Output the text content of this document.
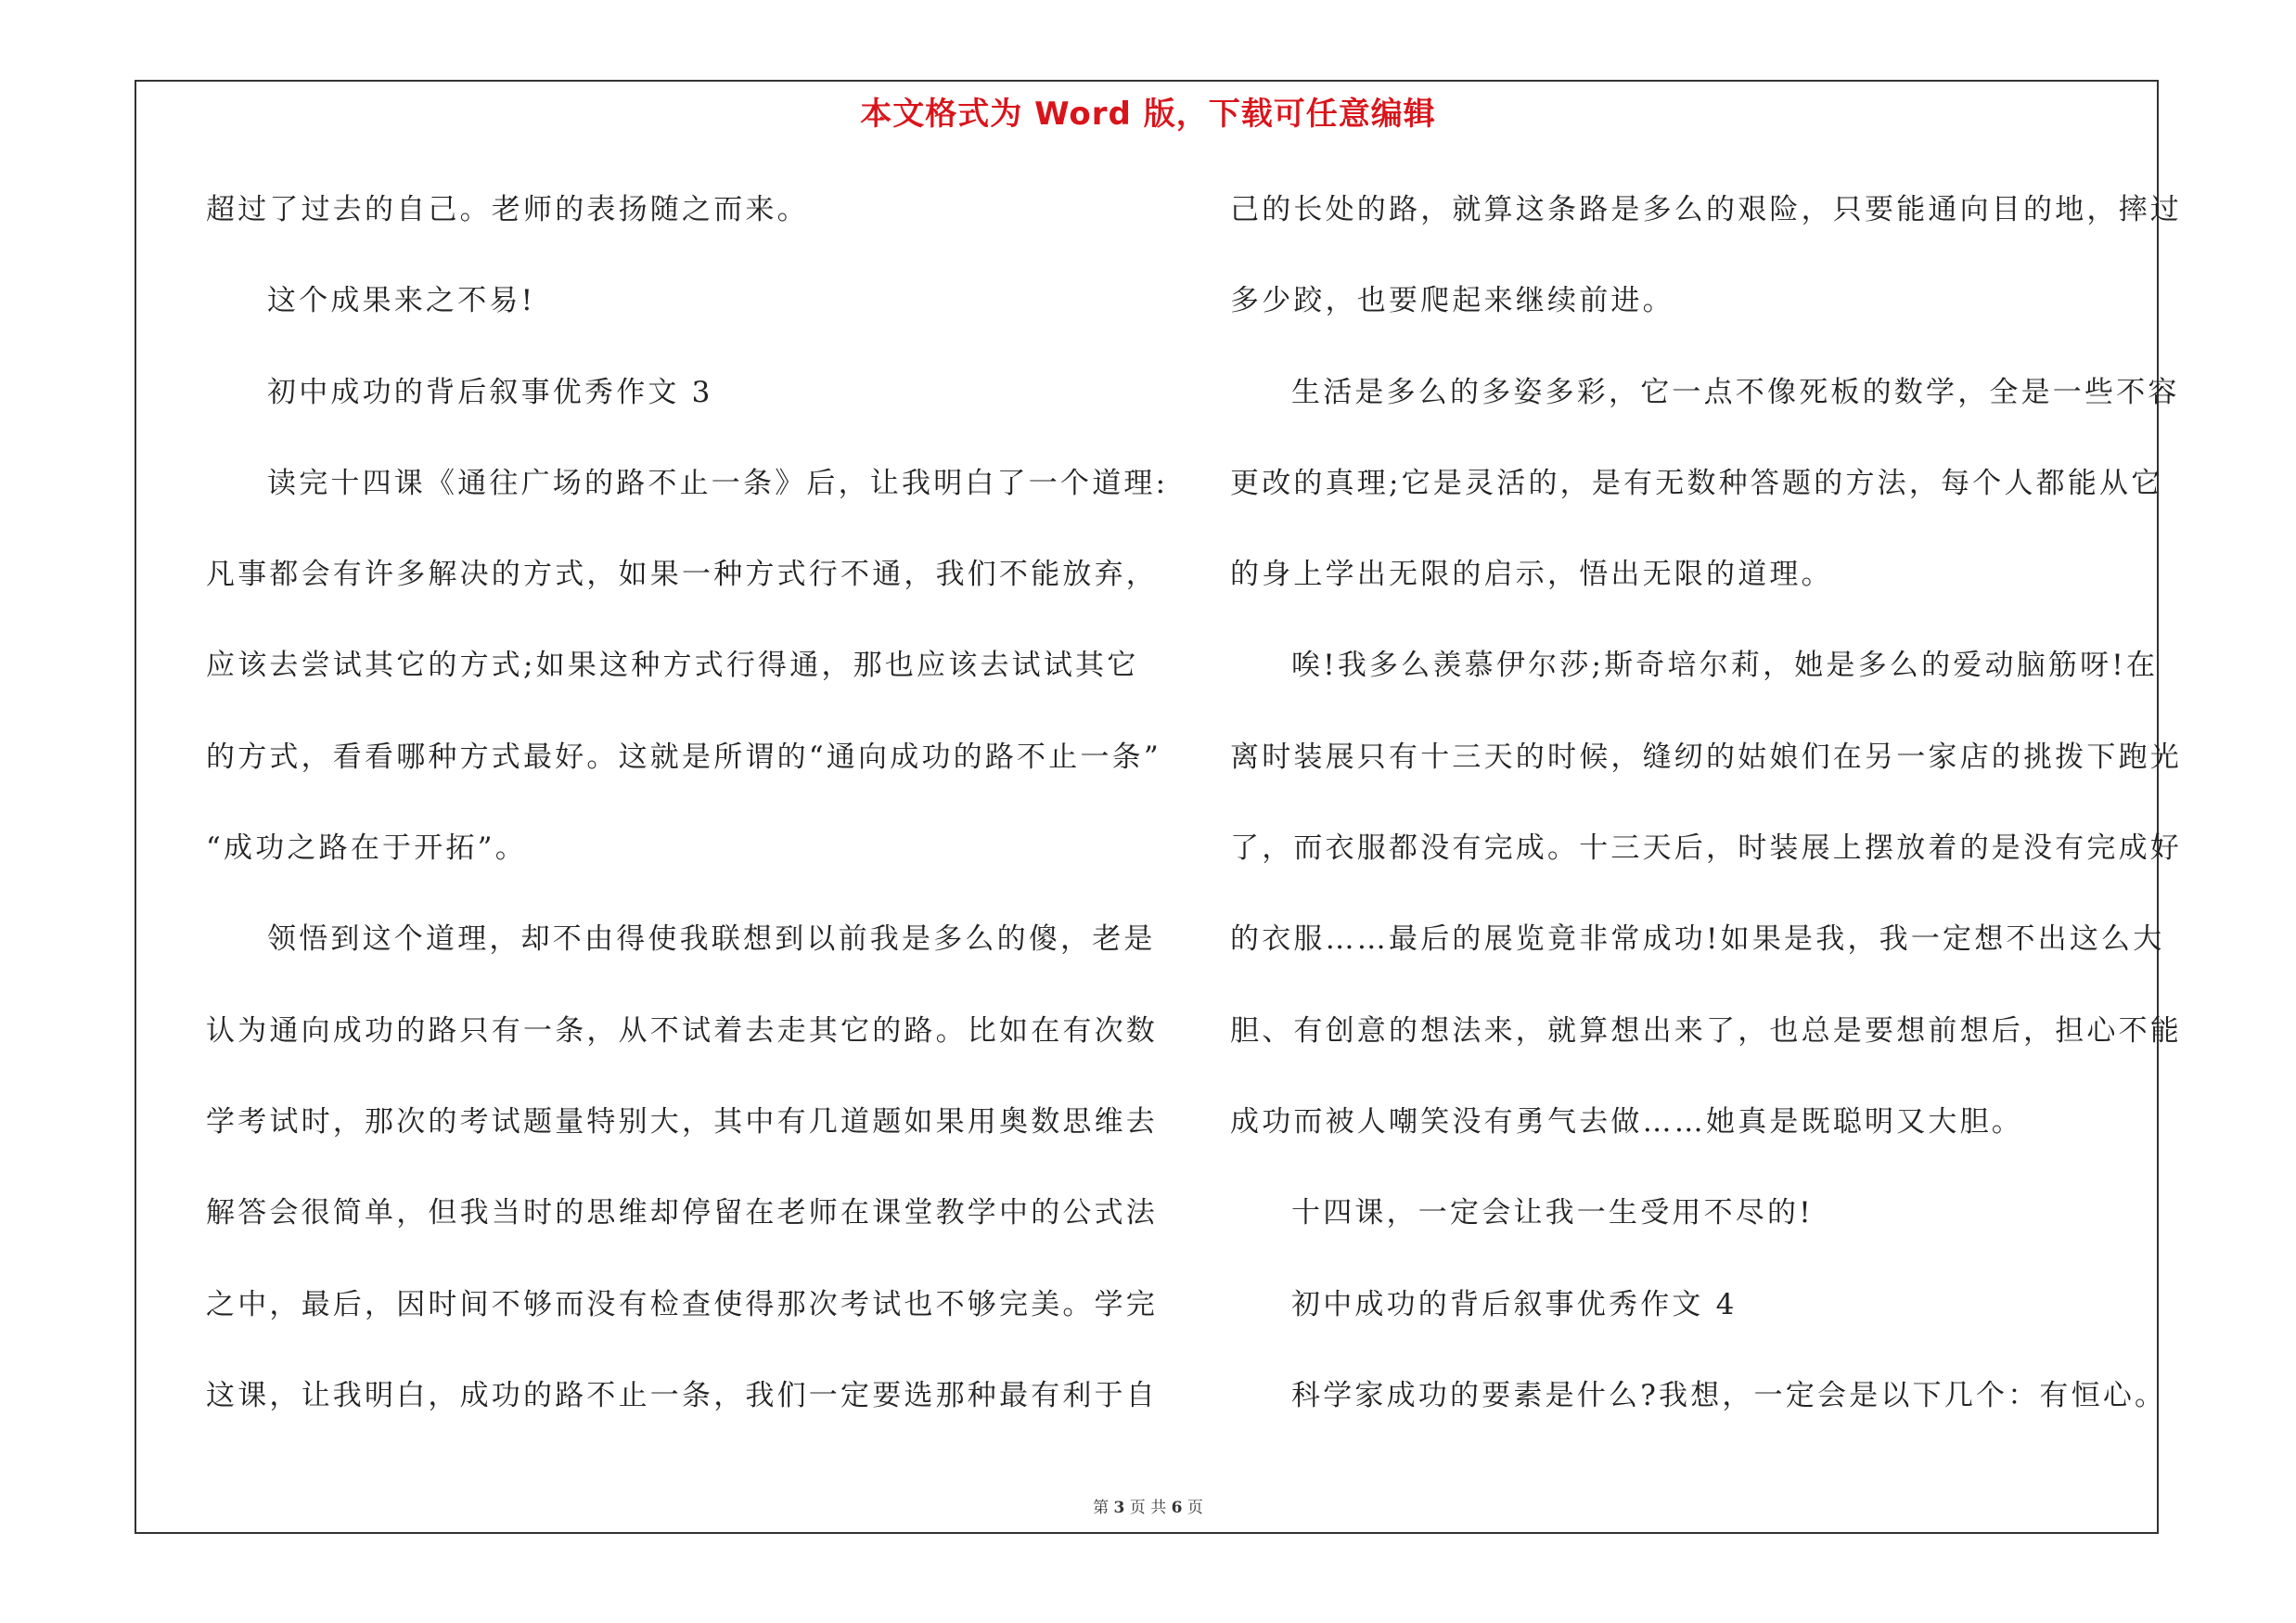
本文格式为 Word 版，下载可任意编辑
超过了过去的自己。老师的表扬随之而来。
这个成果来之不易!
初中成功的背后叙事优秀作文 3
读完十四课《通往广场的路不止一条》后，让我明白了一个道理:
凡事都会有许多解决的方式，如果一种方式行不通，我们不能放弃，
应该去尝试其它的方式;如果这种方式行得通，那也应该去试试其它
的方式，看看哪种方式最好。这就是所谓的“通向成功的路不止一条”
“成功之路在于开拓”。
领悟到这个道理，却不由得使我联想到以前我是多么的傻，老是
认为通向成功的路只有一条，从不试着去走其它的路。比如在有次数
学考试时，那次的考试题量特别大，其中有几道题如果用奥数思维去
解答会很简单，但我当时的思维却停留在老师在课堂教学中的公式法
之中，最后，因时间不够而没有检查使得那次考试也不够完美。学完
这课，让我明白，成功的路不止一条，我们一定要选那种最有利于自
己的长处的路，就算这条路是多么的艰险，只要能通向目的地，摔过
多少跤，也要爬起来继续前进。
生活是多么的多姿多彩，它一点不像死板的数学，全是一些不容
更改的真理;它是灵活的，是有无数种答题的方法，每个人都能从它
的身上学出无限的启示，悟出无限的道理。
唉!我多么羡慕伊尔莎;斯奇培尔莉，她是多么的爱动脑筋呀!在
离时装展只有十三天的时候，缝纫的姑娘们在另一家店的挑拨下跑光
了，而衣服都没有完成。十三天后，时装展上摆放着的是没有完成好
的衣服……最后的展览竟非常成功!如果是我，我一定想不出这么大
胆、有创意的想法来，就算想出来了，也总是要想前想后，担心不能
成功而被人嘲笑没有勇气去做……她真是既聪明又大胆。
十四课，一定会让我一生受用不尽的!
初中成功的背后叙事优秀作文 4
科学家成功的要素是什么?我想，一定会是以下几个：有恒心。
第 3 页 共 6 页
